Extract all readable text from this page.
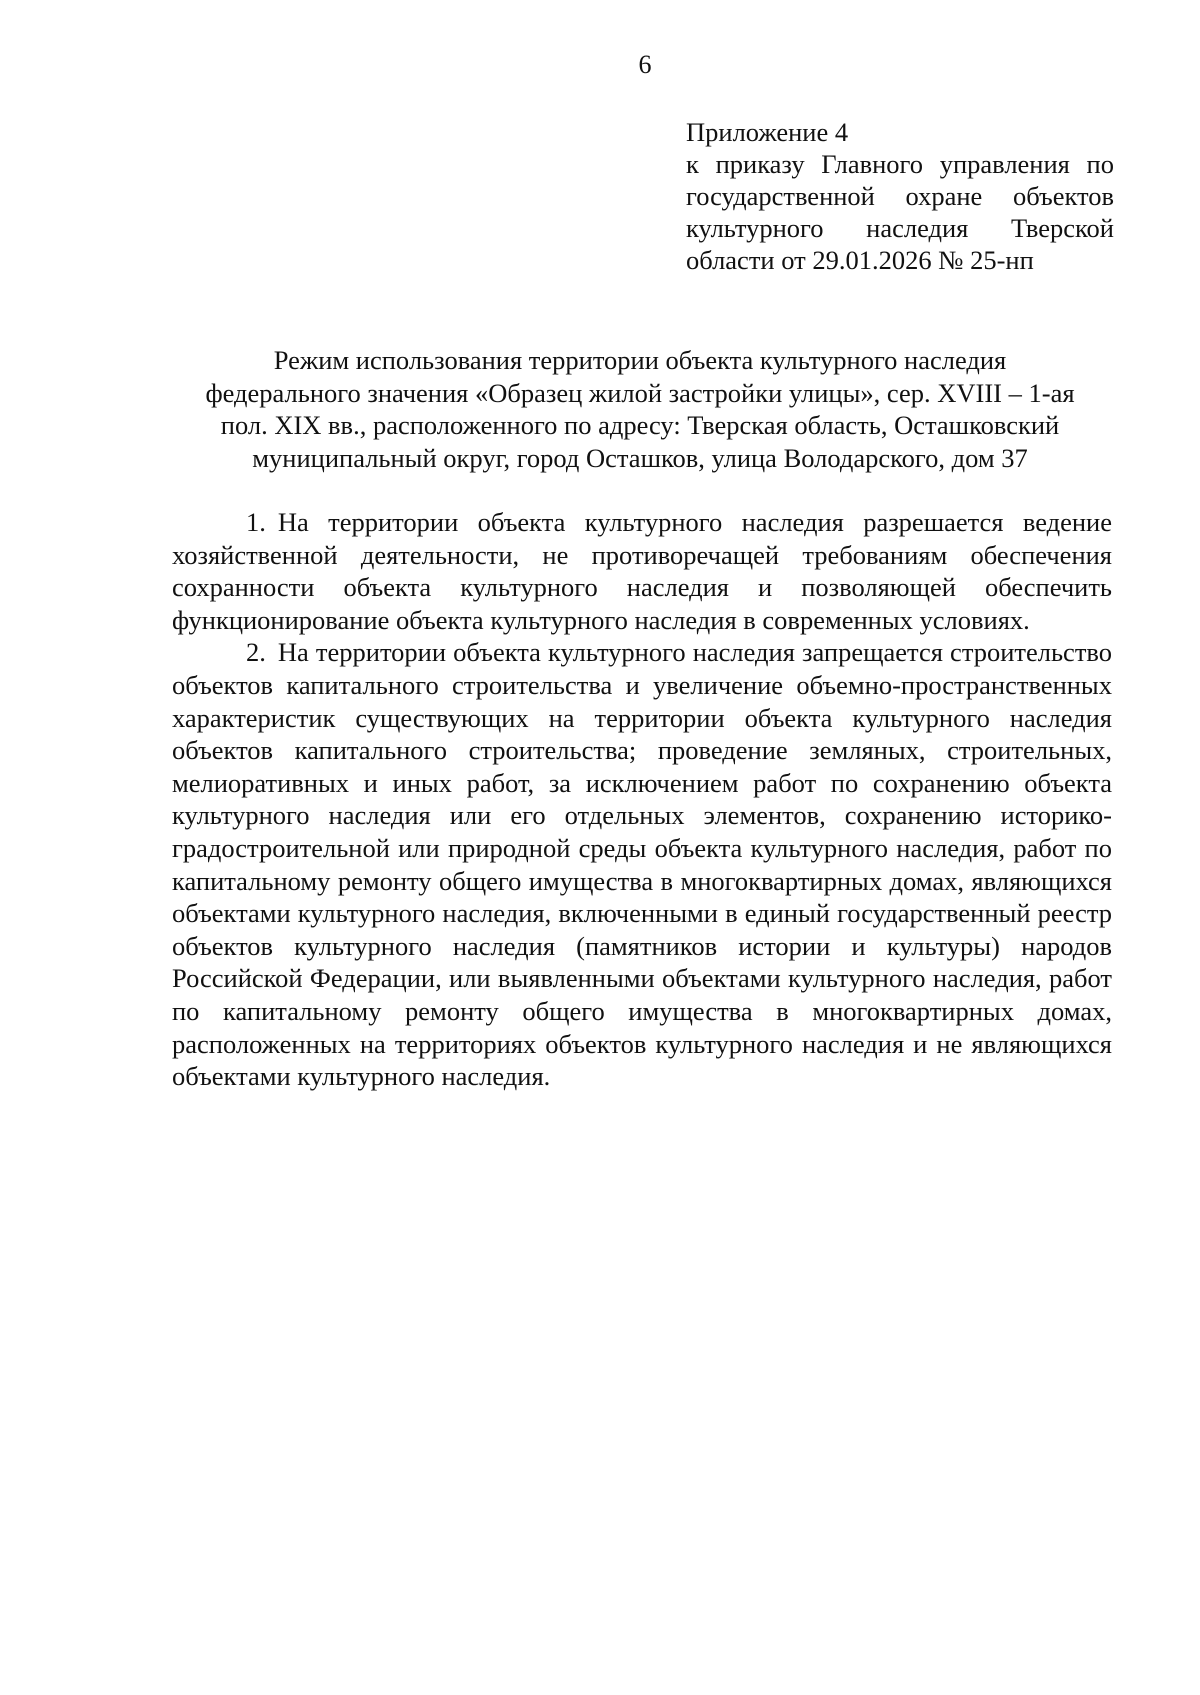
6
Приложение 4
к приказу Главного управления по
государственной охране объектов
культурного наследия Тверской
области от 29.01.2026 № 25-нп
Режим использования территории объекта культурного наследия
федерального значения «Образец жилой застройки улицы», сер. XVIII – 1-ая
пол. XIX вв., расположенного по адресу: Тверская область, Осташковский
муниципальный округ, город Осташков, улица Володарского, дом 37

1. На территории объекта культурного наследия разрешается ведение хозяйственной деятельности, не противоречащей требованиям обеспечения сохранности объекта культурного наследия и позволяющей обеспечить функционирование объекта культурного наследия в современных условиях.

2. На территории объекта культурного наследия запрещается строительство объектов капитального строительства и увеличение объемно-пространственных характеристик существующих на территории объекта культурного наследия объектов капитального строительства; проведение земляных, строительных, мелиоративных и иных работ, за исключением работ по сохранению объекта культурного наследия или его отдельных элементов, сохранению историко-градостроительной или природной среды объекта культурного наследия, работ по капитальному ремонту общего имущества в многоквартирных домах, являющихся объектами культурного наследия, включенными в единый государственный реестр объектов культурного наследия (памятников истории и культуры) народов Российской Федерации, или выявленными объектами культурного наследия, работ по капитальному ремонту общего имущества в многоквартирных домах, расположенных на территориях объектов культурного наследия и не являющихся объектами культурного наследия.
